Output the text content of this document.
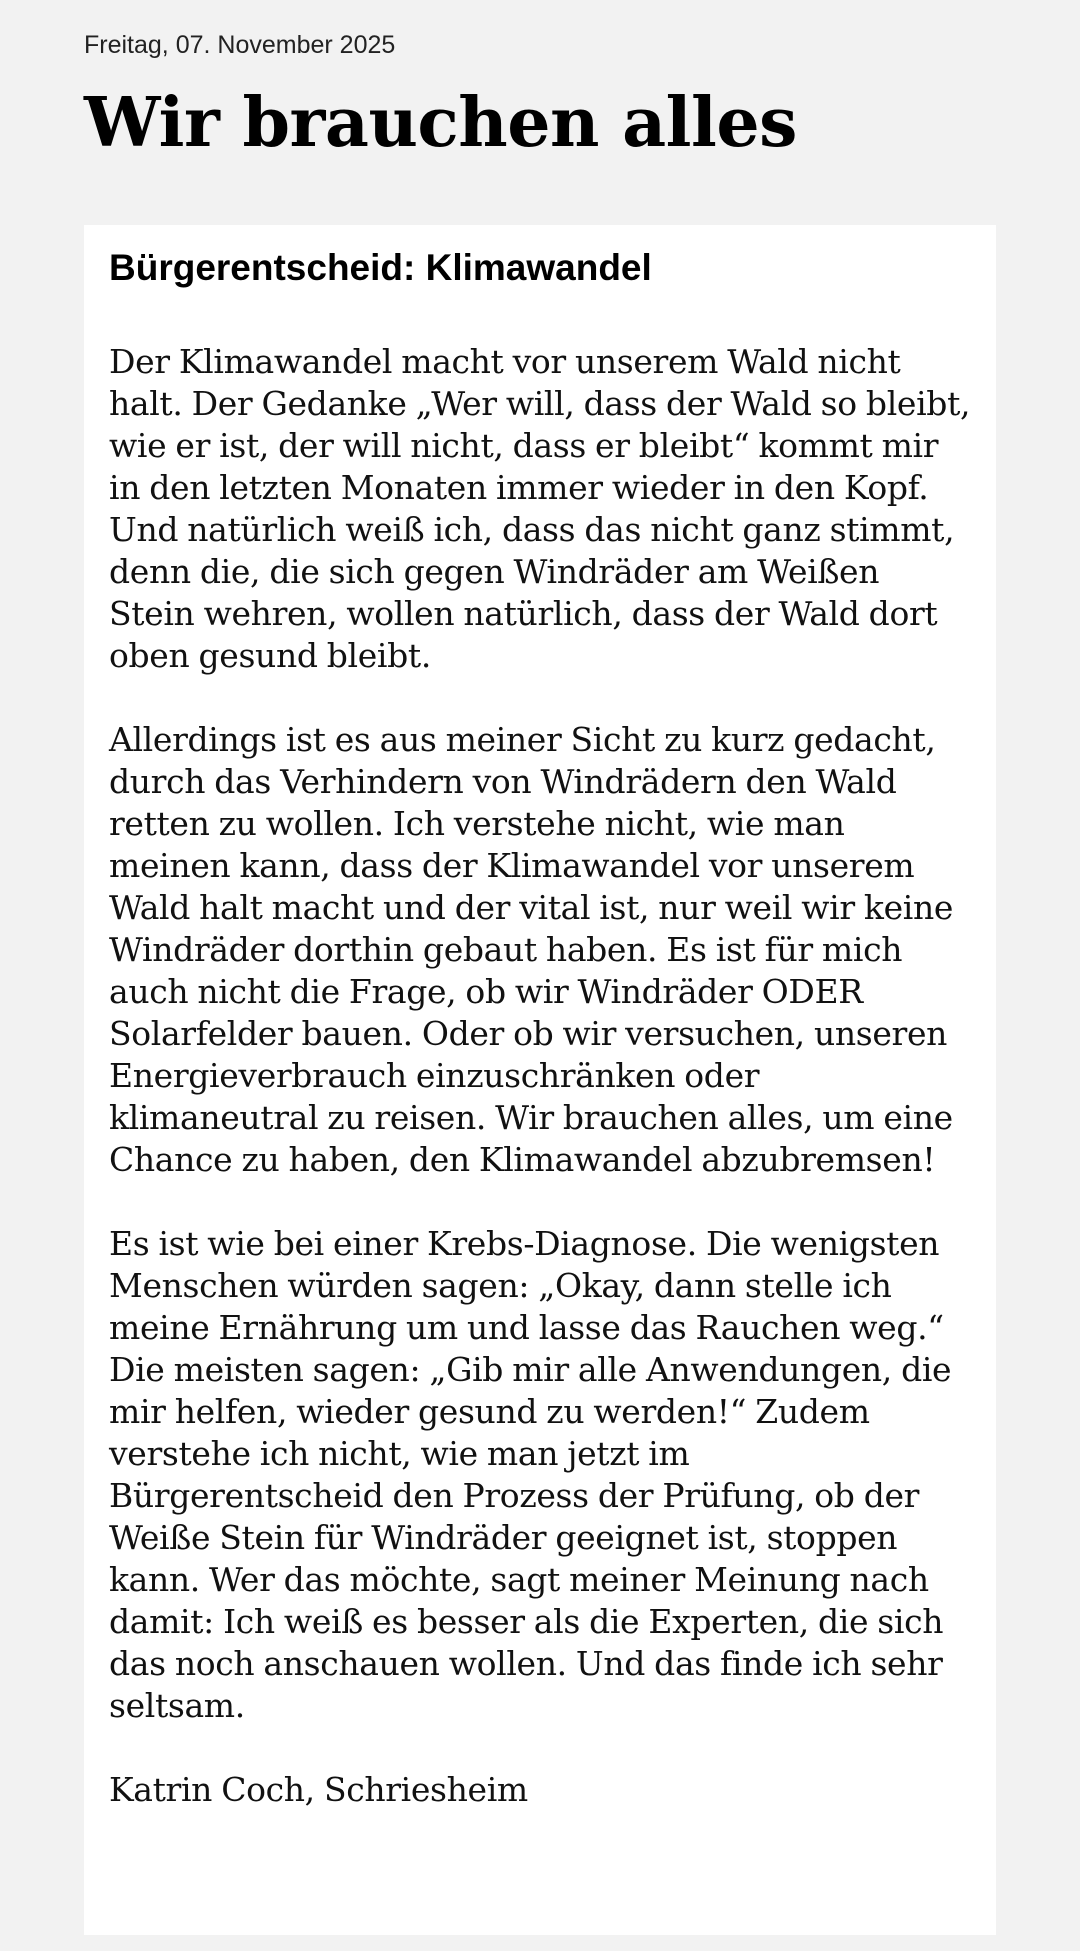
Freitag, 07. November 2025
Wir brauchen alles
Bürgerentscheid: Klimawandel

Der Klimawandel macht vor unserem Wald nicht halt. Der Gedanke „Wer will, dass der Wald so bleibt, wie er ist, der will nicht, dass er bleibt“ kommt mir in den letzten Monaten immer wieder in den Kopf. Und natürlich weiß ich, dass das nicht ganz stimmt, denn die, die sich gegen Windräder am Weißen Stein wehren, wollen natürlich, dass der Wald dort oben gesund bleibt.

Allerdings ist es aus meiner Sicht zu kurz gedacht, durch das Verhindern von Windrädern den Wald retten zu wollen. Ich verstehe nicht, wie man meinen kann, dass der Klimawandel vor unserem Wald halt macht und der vital ist, nur weil wir keine Windräder dorthin gebaut haben. Es ist für mich auch nicht die Frage, ob wir Windräder ODER Solarfelder bauen. Oder ob wir versuchen, unseren Energieverbrauch einzuschränken oder klimaneutral zu reisen. Wir brauchen alles, um eine Chance zu haben, den Klimawandel abzubremsen!

Es ist wie bei einer Krebs-Diagnose. Die wenigsten Menschen würden sagen: „Okay, dann stelle ich meine Ernährung um und lasse das Rauchen weg.“ Die meisten sagen: „Gib mir alle Anwendungen, die mir helfen, wieder gesund zu werden!“ Zudem verstehe ich nicht, wie man jetzt im Bürgerentscheid den Prozess der Prüfung, ob der Weiße Stein für Windräder geeignet ist, stoppen kann. Wer das möchte, sagt meiner Meinung nach damit: Ich weiß es besser als die Experten, die sich das noch anschauen wollen. Und das finde ich sehr seltsam.

Katrin Coch, Schriesheim
